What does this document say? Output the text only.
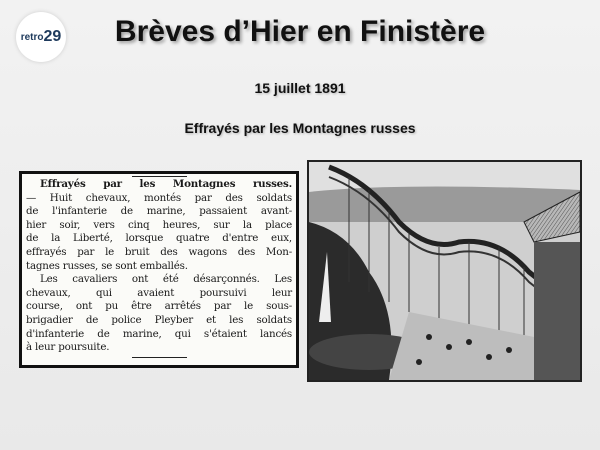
retro 29	Brèves d’Hier en Finistère
15 juillet 1891
Effrayés par les Montagnes russes
Effrayés par les Montagnes russes.
— Huit chevaux, montés par des soldats
de l'infanterie de marine, passaient avant-
hier soir, vers cinq heures, sur la place
de la Liberté, lorsque quatre d'entre eux,
effrayés par le bruit des wagons des Mon-
tagnes russes, se sont emballés.
Les cavaliers ont été désarçonnés. Les
chevaux, qui avaient poursuivi leur
course, ont pu être arrêtés par le sous-
brigadier de police Pleyber et les soldats
d'infanterie de marine, qui s'étaient lancés
à leur poursuite.
